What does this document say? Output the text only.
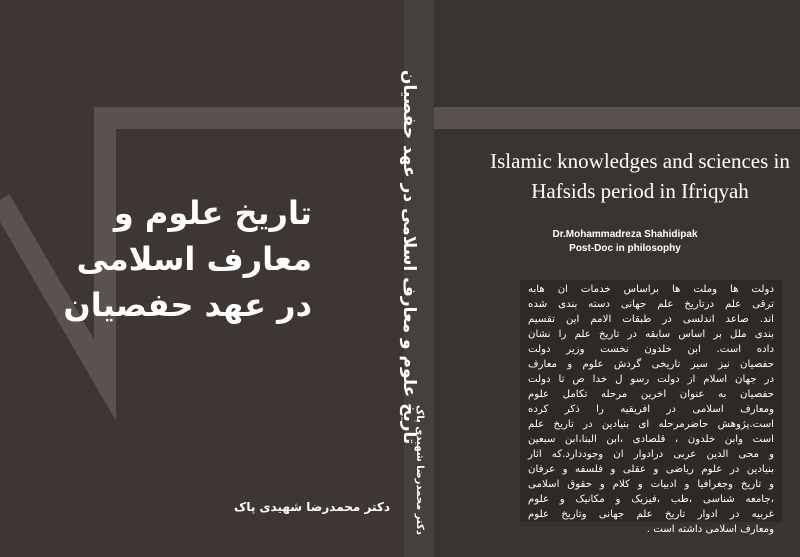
تاریخ علوم و
معارف اسلامی
در عهد حفصیان
دکتر محمدرضا شهیدی پاک
تاریخ علوم و معارف اسلامی در عهد حفصیان
دکتر محمدرضا شهیدی پاک
Islamic knowledges and sciences in
Hafsids period in Ifriqyah
Dr.Mohammadreza Shahidipak
Post-Doc in philosophy
دولت ها وملت ها براساس خدمات ان هابه
ترقی علم درتاریخ علم جهانی دسته بندی شده
اند. صاعد اندلسی در طبقات الامم این تقسیم
بندی ملل بر اساس سابقه در تاریخ علم را نشان
داده است. ابن خلدون نخست وزیر دولت
حفصیان نیز سیر تاریخی گردش علوم و معارف
در جهان اسلام از دولت رسو ل خدا ص تا دولت
حفصیان به عنوان اخرین مرحله تکامل علوم
ومعارف اسلامی در افریقیه را ذکر کرده
است.پژوهش حاضرمرحله ای بنیادین در تاریخ علم
است وابن خلدون ، قلصادی ،ابن البنا،ابن سبعین
و محی الدین عربی درادوار ان وجوددارد.که اثار
بنیادین در علوم ریاضی و عقلی و فلسفه و عرفان
و تاریخ وجغرافیا و ادبیات و کلام و حقوق اسلامی
،جامعه شناسی ،طب ،فیزیک و مکانیک و علوم
غربیه در ادوار تاریخ علم جهانی وتاریخ علوم
ومعارف اسلامی داشته است .
